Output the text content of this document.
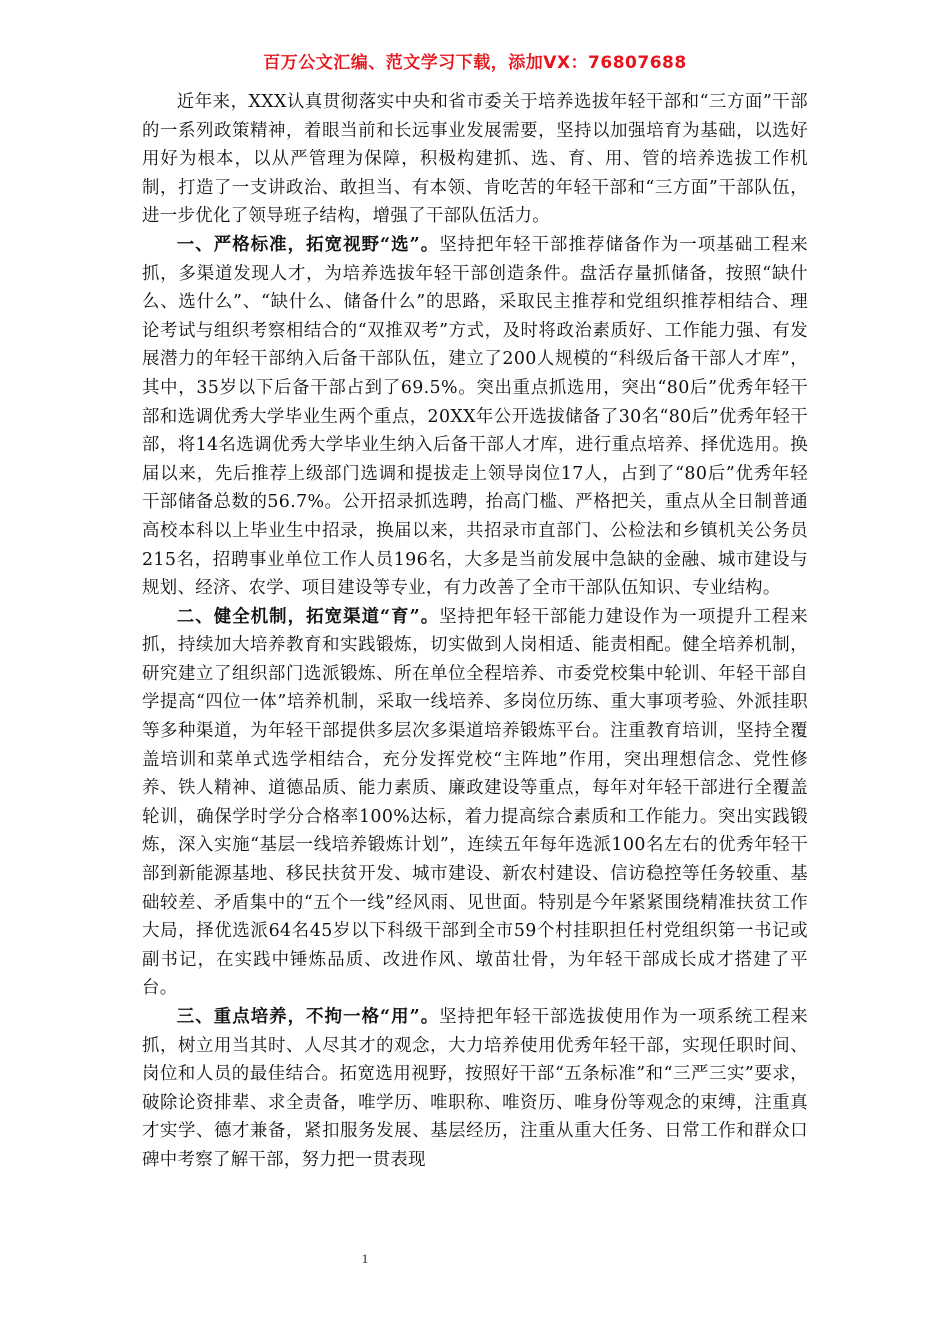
百万公文汇编、范文学习下载，添加VX：76807688

近年来，XXX认真贯彻落实中央和省市委关于培养选拔年轻干部和“三方面”干部的一系列政策精神，着眼当前和长远事业发展需要，坚持以加强培育为基础，以选好用好为根本，以从严管理为保障，积极构建抓、选、育、用、管的培养选拔工作机制，打造了一支讲政治、敢担当、有本领、肯吃苦的年轻干部和“三方面”干部队伍，进一步优化了领导班子结构，增强了干部队伍活力。

一、严格标准，拓宽视野“选”。坚持把年轻干部推荐储备作为一项基础工程来抓，多渠道发现人才，为培养选拔年轻干部创造条件。盘活存量抓储备，按照“缺什么、选什么”、“缺什么、储备什么”的思路，采取民主推荐和党组织推荐相结合、理论考试与组织考察相结合的“双推双考”方式，及时将政治素质好、工作能力强、有发展潜力的年轻干部纳入后备干部队伍，建立了200人规模的“科级后备干部人才库”，其中，35岁以下后备干部占到了69.5%。突出重点抓选用，突出“80后”优秀年轻干部和选调优秀大学毕业生两个重点，20XX年公开选拔储备了30名“80后”优秀年轻干部，将14名选调优秀大学毕业生纳入后备干部人才库，进行重点培养、择优选用。换届以来，先后推荐上级部门选调和提拔走上领导岗位17人，占到了“80后”优秀年轻干部储备总数的56.7%。公开招录抓选聘，抬高门槛、严格把关，重点从全日制普通高校本科以上毕业生中招录，换届以来，共招录市直部门、公检法和乡镇机关公务员215名，招聘事业单位工作人员196名，大多是当前发展中急缺的金融、城市建设与规划、经济、农学、项目建设等专业，有力改善了全市干部队伍知识、专业结构。

二、健全机制，拓宽渠道“育”。坚持把年轻干部能力建设作为一项提升工程来抓，持续加大培养教育和实践锻炼，切实做到人岗相适、能责相配。健全培养机制，研究建立了组织部门选派锻炼、所在单位全程培养、市委党校集中轮训、年轻干部自学提高“四位一体”培养机制，采取一线培养、多岗位历练、重大事项考验、外派挂职等多种渠道，为年轻干部提供多层次多渠道培养锻炼平台。注重教育培训，坚持全覆盖培训和菜单式选学相结合，充分发挥党校“主阵地”作用，突出理想信念、党性修养、铁人精神、道德品质、能力素质、廉政建设等重点，每年对年轻干部进行全覆盖轮训，确保学时学分合格率100%达标，着力提高综合素质和工作能力。突出实践锻炼，深入实施“基层一线培养锻炼计划”，连续五年每年选派100名左右的优秀年轻干部到新能源基地、移民扶贫开发、城市建设、新农村建设、信访稳控等任务较重、基础较差、矛盾集中的“五个一线”经风雨、见世面。特别是今年紧紧围绕精准扶贫工作大局，择优选派64名45岁以下科级干部到全市59个村挂职担任村党组织第一书记或副书记，在实践中锤炼品质、改进作风、墩苗壮骨，为年轻干部成长成才搭建了平台。

三、重点培养，不拘一格“用”。坚持把年轻干部选拔使用作为一项系统工程来抓，树立用当其时、人尽其才的观念，大力培养使用优秀年轻干部，实现任职时间、岗位和人员的最佳结合。拓宽选用视野，按照好干部“五条标准”和“三严三实”要求，破除论资排辈、求全责备，唯学历、唯职称、唯资历、唯身份等观念的束缚，注重真才实学、德才兼备，紧扣服务发展、基层经历，注重从重大任务、日常工作和群众口碑中考察了解干部，努力把一贯表现

1
